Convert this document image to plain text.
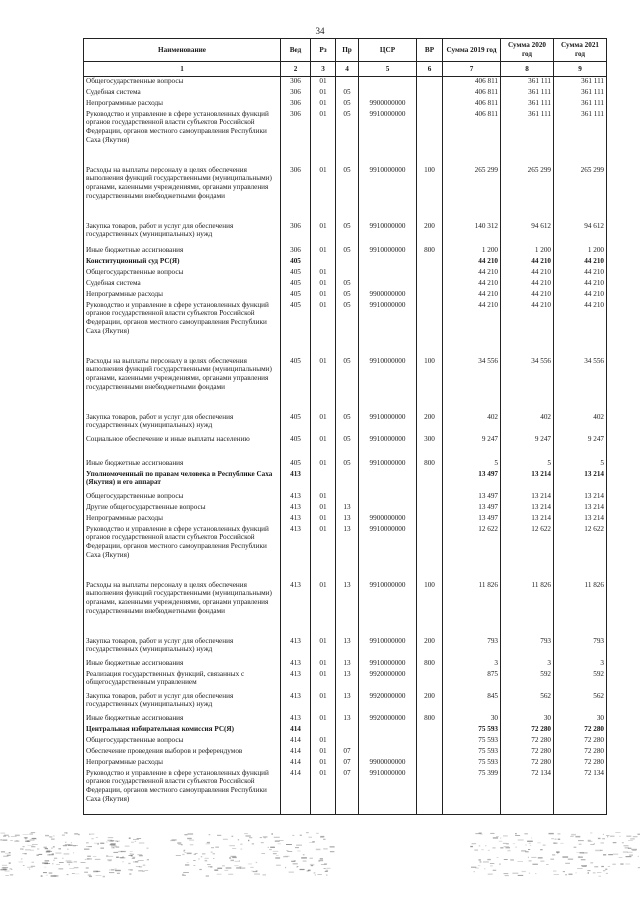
34
Наименование	Вед	Рз	Пр	ЦСР	ВР	Сумма 2019 год	Сумма 2020 год	Сумма 2021 год
1	2	3	4	5	6	7	8	9
Общегосударственные вопросы	306	01				406 811	361 111	361 111
Судебная система	306	01	05			406 811	361 111	361 111
Непрограммные расходы	306	01	05	9900000000		406 811	361 111	361 111
Руководство и управление в сфере установленных функций органов государственной власти субъектов Российской Федерации, органов местного самоуправления Республики Саха (Якутия)	306	01	05	9910000000		406 811	361 111	361 111
Расходы на выплаты персоналу в целях обеспечения выполнения функций государственными (муниципальными) органами, казенными учреждениями, органами управления государственными внебюджетными фондами	306	01	05	9910000000	100	265 299	265 299	265 299
Закупка товаров, работ и услуг для обеспечения государственных (муниципальных) нужд	306	01	05	9910000000	200	140 312	94 612	94 612
Иные бюджетные ассигнования	306	01	05	9910000000	800	1 200	1 200	1 200
Конституционный суд РС(Я)	405					44 210	44 210	44 210
Общегосударственные вопросы	405	01				44 210	44 210	44 210
Судебная система	405	01	05			44 210	44 210	44 210
Непрограммные расходы	405	01	05	9900000000		44 210	44 210	44 210
Руководство и управление в сфере установленных функций органов государственной власти субъектов Российской Федерации, органов местного самоуправления Республики Саха (Якутия)	405	01	05	9910000000		44 210	44 210	44 210
Расходы на выплаты персоналу в целях обеспечения выполнения функций государственными (муниципальными) органами, казенными учреждениями, органами управления государственными внебюджетными фондами	405	01	05	9910000000	100	34 556	34 556	34 556
Закупка товаров, работ и услуг для обеспечения государственных (муниципальных) нужд	405	01	05	9910000000	200	402	402	402
Социальное обеспечение и иные выплаты населению	405	01	05	9910000000	300	9 247	9 247	9 247
Иные бюджетные ассигнования	405	01	05	9910000000	800	5	5	5
Уполномоченный по правам человека в Республике Саха (Якутия) и его аппарат	413					13 497	13 214	13 214
Общегосударственные вопросы	413	01				13 497	13 214	13 214
Другие общегосударственные вопросы	413	01	13			13 497	13 214	13 214
Непрограммные расходы	413	01	13	9900000000		13 497	13 214	13 214
Руководство и управление в сфере установленных функций органов государственной власти субъектов Российской Федерации, органов местного самоуправления Республики Саха (Якутия)	413	01	13	9910000000		12 622	12 622	12 622
Расходы на выплаты персоналу в целях обеспечения выполнения функций государственными (муниципальными) органами, казенными учреждениями, органами управления государственными внебюджетными фондами	413	01	13	9910000000	100	11 826	11 826	11 826
Закупка товаров, работ и услуг для обеспечения государственных (муниципальных) нужд	413	01	13	9910000000	200	793	793	793
Иные бюджетные ассигнования	413	01	13	9910000000	800	3	3	3
Реализация государственных функций, связанных с общегосударственным управлением	413	01	13	9920000000		875	592	592
Закупка товаров, работ и услуг для обеспечения государственных (муниципальных) нужд	413	01	13	9920000000	200	845	562	562
Иные бюджетные ассигнования	413	01	13	9920000000	800	30	30	30
Центральная избирательная комиссия РС(Я)	414					75 593	72 280	72 280
Общегосударственные вопросы	414	01				75 593	72 280	72 280
Обеспечение проведения выборов и референдумов	414	01	07			75 593	72 280	72 280
Непрограммные расходы	414	01	07	9900000000		75 593	72 280	72 280
Руководство и управление в сфере установленных функций органов государственной власти субъектов Российской Федерации, органов местного самоуправления Республики Саха (Якутия)	414	01	07	9910000000		75 399	72 134	72 134
